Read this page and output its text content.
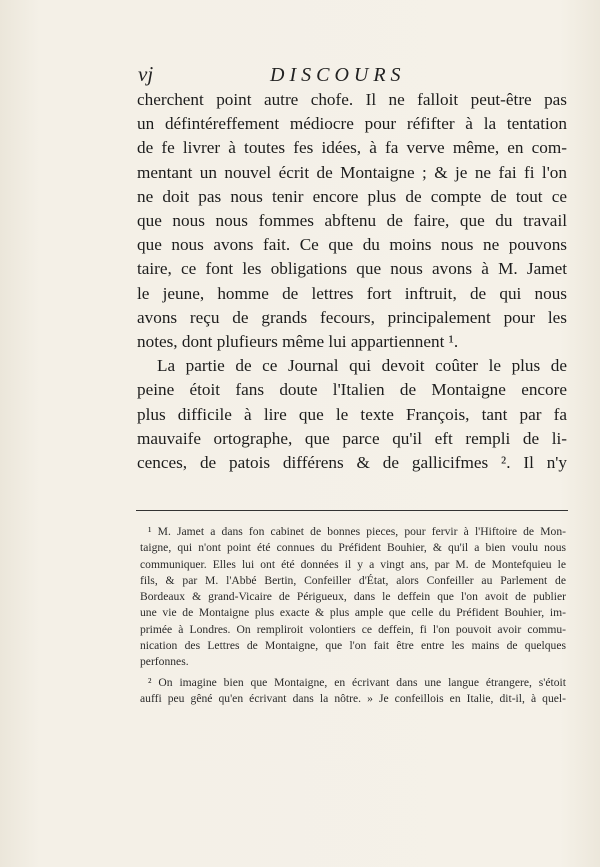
vj	DISCOURS

cherchent point autre chofe. Il ne falloit peut-être pas
un défintéreffement médiocre pour réfifter à la tentation
de fe livrer à toutes fes idées, à fa verve même, en com-
mentant un nouvel écrit de Montaigne ; & je ne fai fi l'on
ne doit pas nous tenir encore plus de compte de tout ce
que nous nous fommes abftenu de faire, que du travail
que nous avons fait. Ce que du moins nous ne pouvons
taire, ce font les obligations que nous avons à M. Jamet
le jeune, homme de lettres fort inftruit, de qui nous
avons reçu de grands fecours, principalement pour les
notes, dont plufieurs même lui appartiennent ¹.

La partie de ce Journal qui devoit coûter le plus de
peine étoit fans doute l'Italien de Montaigne encore
plus difficile à lire que le texte François, tant par fa
mauvaife ortographe, que parce qu'il eft rempli de li-
cences, de patois différens & de gallicifmes ². Il n'y

¹ M. Jamet a dans fon cabinet de bonnes pieces, pour fervir à l'Hiftoire de Mon-
taigne, qui n'ont point été connues du Préfident Bouhier, & qu'il a bien voulu nous
communiquer. Elles lui ont été données il y a vingt ans, par M. de Montefquieu le
fils, & par M. l'Abbé Bertin, Confeiller d'État, alors Confeiller au Parlement de
Bordeaux & grand-Vicaire de Périgueux, dans le deffein que l'on avoit de publier
une vie de Montaigne plus exacte & plus ample que celle du Préfident Bouhier, im-
primée à Londres. On rempliroit volontiers ce deffein, fi l'on pouvoit avoir commu-
nication des Lettres de Montaigne, que l'on fait être entre les mains de quelques
perfonnes.
² On imagine bien que Montaigne, en écrivant dans une langue étrangere, s'étoit
auffi peu gêné qu'en écrivant dans la nôtre. » Je confeillois en Italie, dit-il, à quel-
